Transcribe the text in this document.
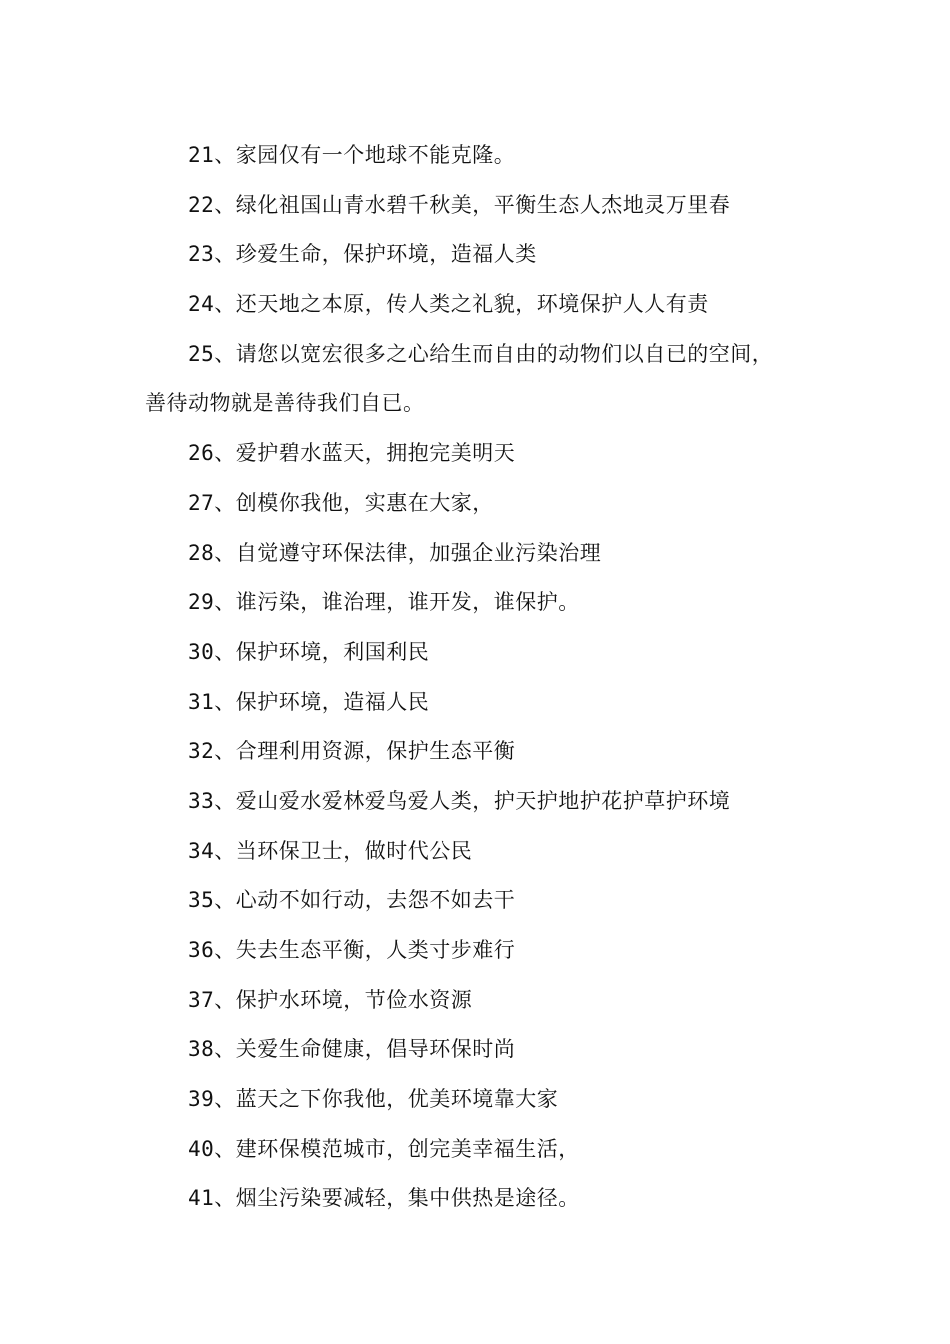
21、家园仅有一个地球不能克隆。
22、绿化祖国山青水碧千秋美，平衡生态人杰地灵万里春
23、珍爱生命，保护环境，造福人类
24、还天地之本原，传人类之礼貌，环境保护人人有责
25、请您以宽宏很多之心给生而自由的动物们以自已的空间，
善待动物就是善待我们自已。
26、爱护碧水蓝天，拥抱完美明天
27、创模你我他，实惠在大家，
28、自觉遵守环保法律，加强企业污染治理
29、谁污染，谁治理，谁开发，谁保护。
30、保护环境，利国利民
31、保护环境，造福人民
32、合理利用资源，保护生态平衡
33、爱山爱水爱林爱鸟爱人类，护天护地护花护草护环境
34、当环保卫士，做时代公民
35、心动不如行动，去怨不如去干
36、失去生态平衡，人类寸步难行
37、保护水环境，节俭水资源
38、关爱生命健康，倡导环保时尚
39、蓝天之下你我他，优美环境靠大家
40、建环保模范城市，创完美幸福生活，
41、烟尘污染要减轻，集中供热是途径。
